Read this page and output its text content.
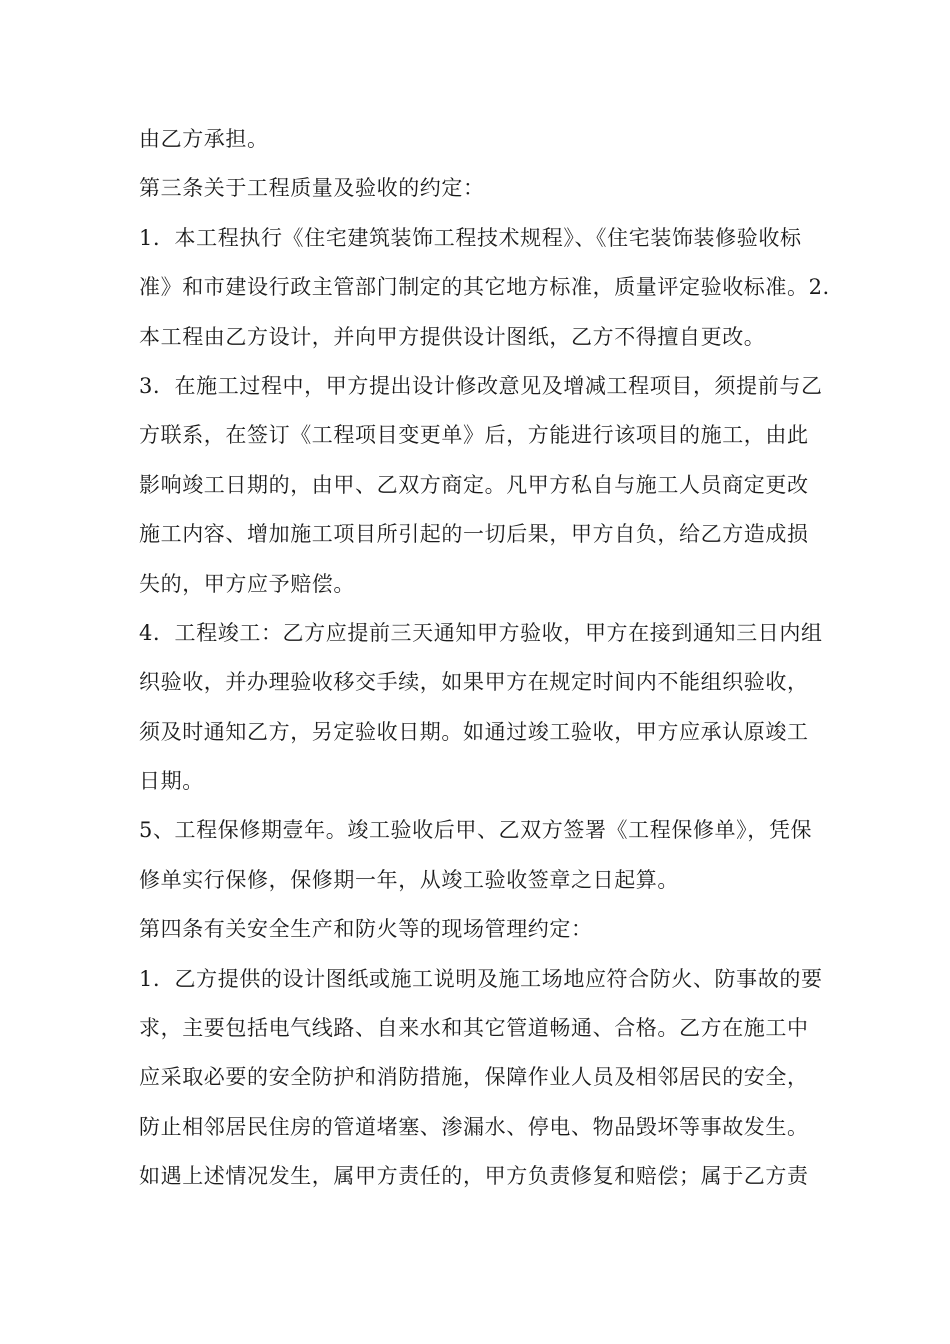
由乙方承担。
第三条关于工程质量及验收的约定：
1．本工程执行《住宅建筑装饰工程技术规程》、《住宅装饰装修验收标
准》和市建设行政主管部门制定的其它地方标准，质量评定验收标准。2.
本工程由乙方设计，并向甲方提供设计图纸，乙方不得擅自更改。
3．在施工过程中，甲方提出设计修改意见及增减工程项目，须提前与乙
方联系，在签订《工程项目变更单》后，方能进行该项目的施工，由此
影响竣工日期的，由甲、乙双方商定。凡甲方私自与施工人员商定更改
施工内容、增加施工项目所引起的一切后果，甲方自负，给乙方造成损
失的，甲方应予赔偿。
4．工程竣工：乙方应提前三天通知甲方验收，甲方在接到通知三日内组
织验收，并办理验收移交手续，如果甲方在规定时间内不能组织验收，
须及时通知乙方，另定验收日期。如通过竣工验收，甲方应承认原竣工
日期。
5、工程保修期壹年。竣工验收后甲、乙双方签署《工程保修单》，凭保
修单实行保修，保修期一年，从竣工验收签章之日起算。
第四条有关安全生产和防火等的现场管理约定：
1．乙方提供的设计图纸或施工说明及施工场地应符合防火、防事故的要
求，主要包括电气线路、自来水和其它管道畅通、合格。乙方在施工中
应采取必要的安全防护和消防措施，保障作业人员及相邻居民的安全，
防止相邻居民住房的管道堵塞、渗漏水、停电、物品毁坏等事故发生。
如遇上述情况发生，属甲方责任的，甲方负责修复和赔偿；属于乙方责
